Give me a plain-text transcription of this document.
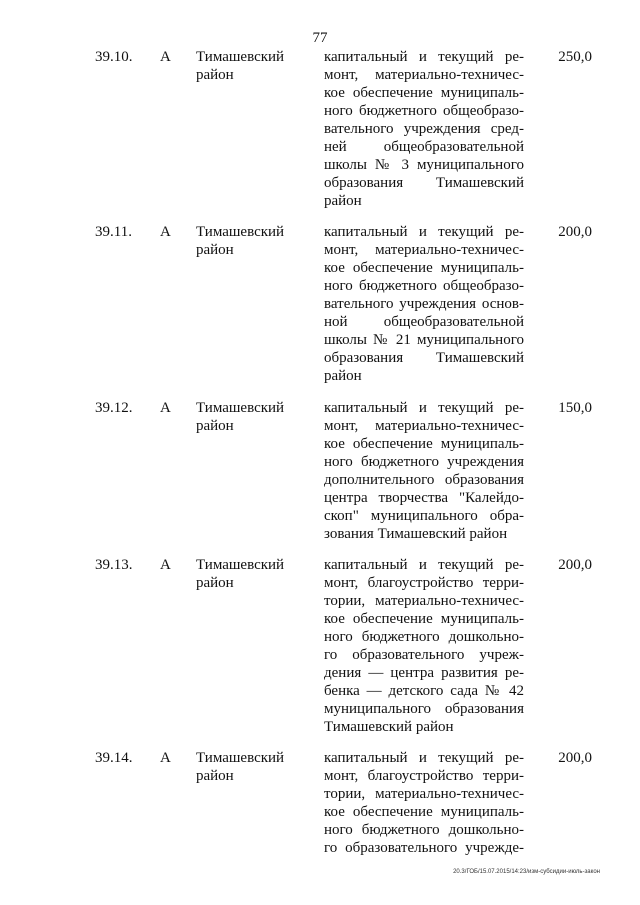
77
39.10. А Тимашевский
район
капитальный и текущий ре-
монт, материально-техничес-
кое обеспечение муниципаль-
ного бюджетного общеобразо-
вательного учреждения сред-
ней общеобразовательной
школы № 3 муниципального
образования Тимашевский
район
250,0
39.11. А Тимашевский
район
капитальный и текущий ре-
монт, материально-техничес-
кое обеспечение муниципаль-
ного бюджетного общеобразо-
вательного учреждения основ-
ной общеобразовательной
школы № 21 муниципального
образования Тимашевский
район
200,0
39.12. А Тимашевский
район
капитальный и текущий ре-
монт, материально-техничес-
кое обеспечение муниципаль-
ного бюджетного учреждения
дополнительного образования
центра творчества "Калейдо-
скоп" муниципального обра-
зования Тимашевский район
150,0
39.13. А Тимашевский
район
капитальный и текущий ре-
монт, благоустройство терри-
тории, материально-техничес-
кое обеспечение муниципаль-
ного бюджетного дошкольно-
го образовательного учреж-
дения — центра развития ре-
бенка — детского сада № 42
муниципального образования
Тимашевский район
200,0
39.14. А Тимашевский
район
капитальный и текущий ре-
монт, благоустройство терри-
тории, материально-техничес-
кое обеспечение муниципаль-
ного бюджетного дошкольно-
го образовательного учрежде-
200,0
20.3/ГОБ/15.07.2015/14:23/изм-субсидии-июль-закон
